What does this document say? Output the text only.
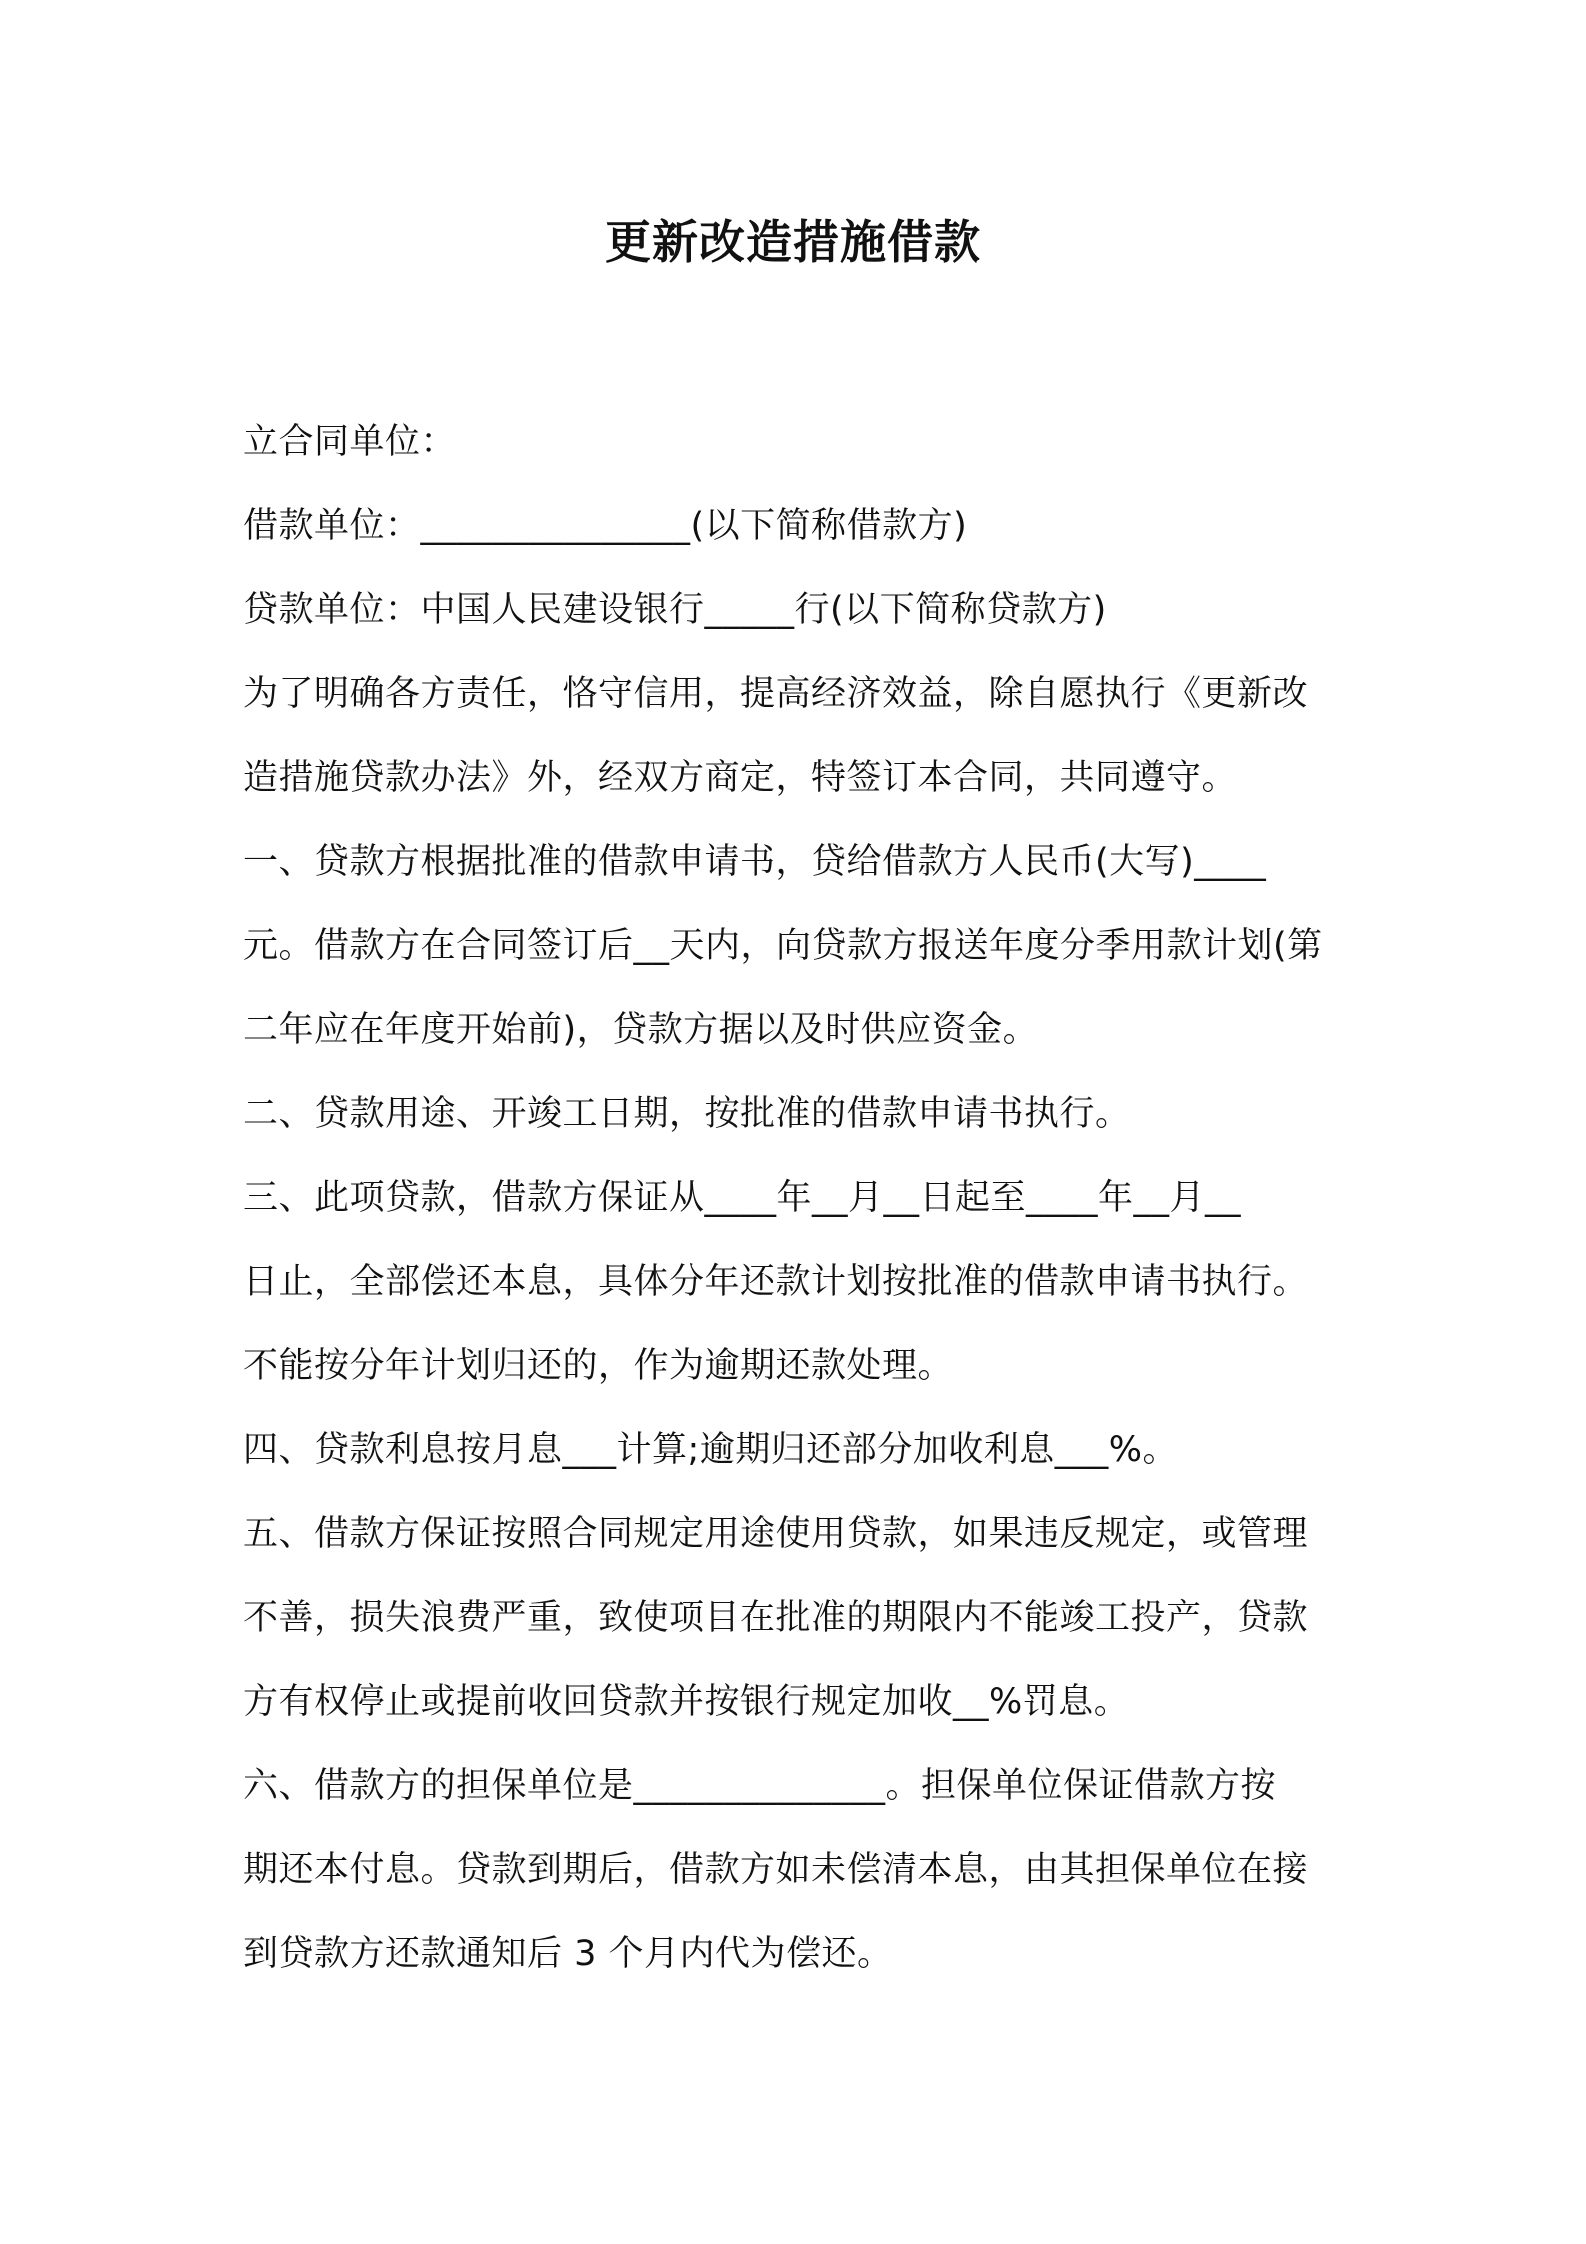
更新改造措施借款
立合同单位：
借款单位：_______________(以下简称借款方)
贷款单位：中国人民建设银行_____行(以下简称贷款方)
为了明确各方责任，恪守信用，提高经济效益，除自愿执行《更新改
造措施贷款办法》外，经双方商定，特签订本合同，共同遵守。
一、贷款方根据批准的借款申请书，贷给借款方人民币(大写)____
元。借款方在合同签订后__天内，向贷款方报送年度分季用款计划(第
二年应在年度开始前)，贷款方据以及时供应资金。
二、贷款用途、开竣工日期，按批准的借款申请书执行。
三、此项贷款，借款方保证从____年__月__日起至____年__月__
日止，全部偿还本息，具体分年还款计划按批准的借款申请书执行。
不能按分年计划归还的，作为逾期还款处理。
四、贷款利息按月息___计算;逾期归还部分加收利息___%。
五、借款方保证按照合同规定用途使用贷款，如果违反规定，或管理
不善，损失浪费严重，致使项目在批准的期限内不能竣工投产，贷款
方有权停止或提前收回贷款并按银行规定加收__%罚息。
六、借款方的担保单位是______________。担保单位保证借款方按
期还本付息。贷款到期后，借款方如未偿清本息，由其担保单位在接
到贷款方还款通知后 3 个月内代为偿还。
